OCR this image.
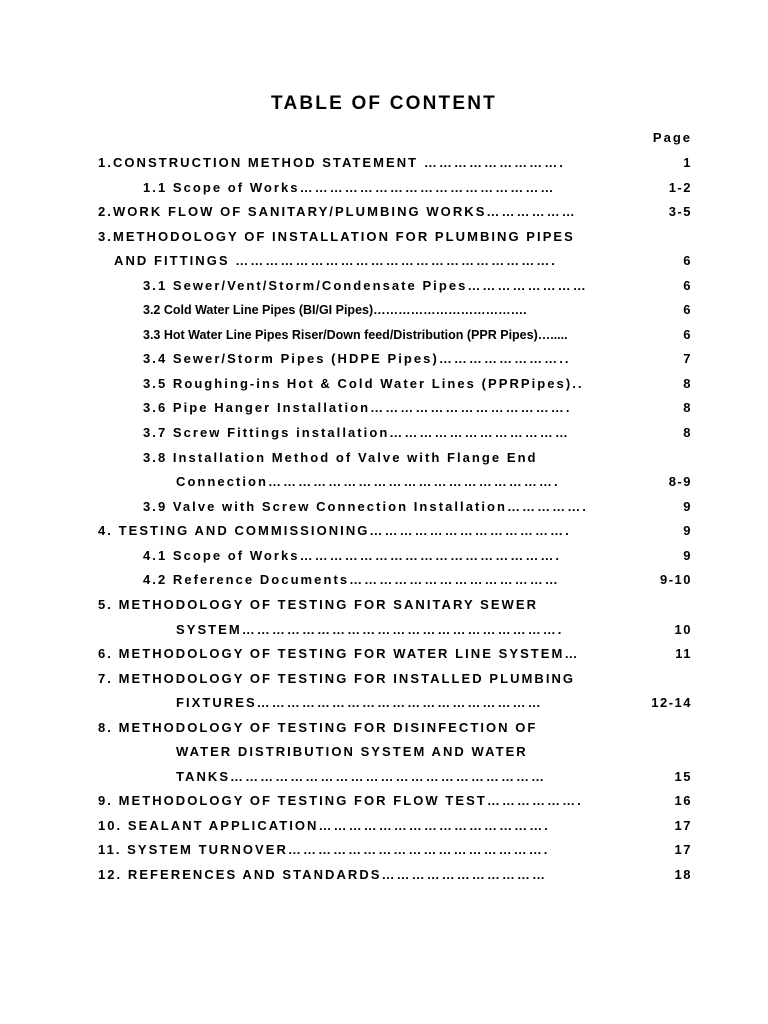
TABLE OF CONTENT
Page
1.CONSTRUCTION METHOD STATEMENT ……………………….	1
1.1 Scope of Works……………………………………………	1-2
2.WORK FLOW OF SANITARY/PLUMBING WORKS………………	3-5
3.METHODOLOGY OF INSTALLATION FOR PLUMBING PIPES
AND FITTINGS ……………………………………………………….	6
3.1 Sewer/Vent/Storm/Condensate Pipes……………………	6
3.2 Cold Water Line Pipes (BI/GI Pipes)……………………………….	6
3.3 Hot Water Line Pipes Riser/Down feed/Distribution (PPR Pipes)….....	6
3.4 Sewer/Storm Pipes (HDPE Pipes)……………………..	7
3.5 Roughing-ins Hot & Cold Water Lines (PPRPipes)..	8
3.6 Pipe Hanger Installation………………………………….	8
3.7 Screw Fittings installation………………………………	8
3.8 Installation Method of Valve with Flange End
Connection………………………………………………….	8-9
3.9 Valve with Screw Connection Installation…………….	9
4. TESTING AND COMMISSIONING………………………………….	9
4.1 Scope of Works…………………………………………….	9
4.2 Reference Documents……………………………………	9-10
5. METHODOLOGY OF TESTING FOR SANITARY SEWER
SYSTEM……………………………………………………….	10
6. METHODOLOGY OF TESTING FOR WATER LINE SYSTEM…	11
7. METHODOLOGY OF TESTING FOR INSTALLED PLUMBING
FIXTURES…………………………………………………	12-14
8. METHODOLOGY OF TESTING FOR DISINFECTION OF
WATER DISTRIBUTION SYSTEM AND WATER
TANKS………………………………………………………	15
9. METHODOLOGY OF TESTING FOR FLOW TEST……………….	16
10. SEALANT APPLICATION……………………………………….	17
11. SYSTEM TURNOVER…………………………………………….	17
12. REFERENCES AND STANDARDS……………………………	18
